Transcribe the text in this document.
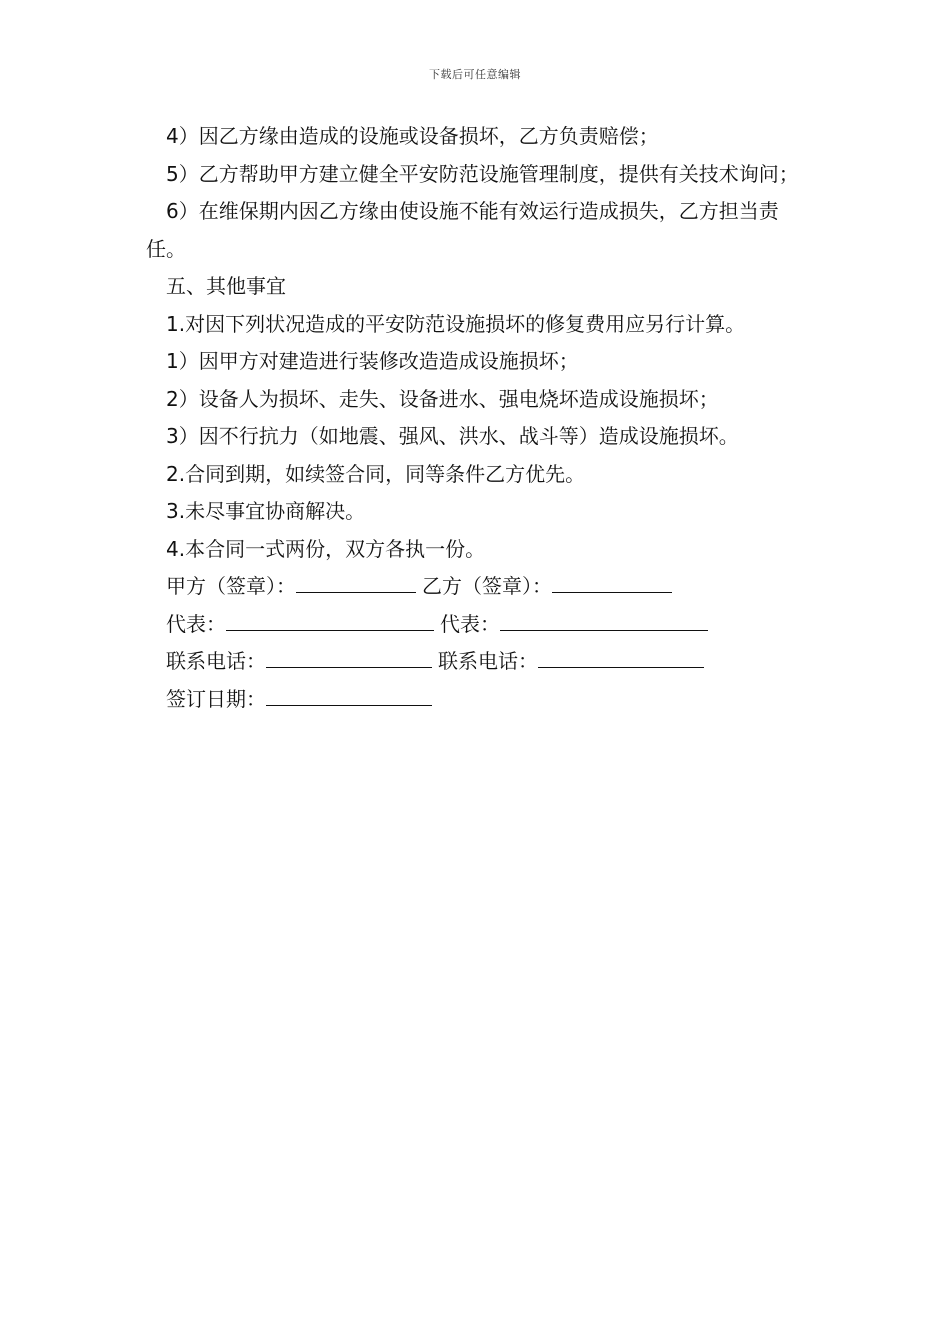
下载后可任意编辑

4）因乙方缘由造成的设施或设备损坏，乙方负责赔偿；

5）乙方帮助甲方建立健全平安防范设施管理制度，提供有关技术询问；

6）在维保期内因乙方缘由使设施不能有效运行造成损失，乙方担当责任。

五、其他事宜

1.对因下列状况造成的平安防范设施损坏的修复费用应另行计算。

1）因甲方对建造进行装修改造造成设施损坏；

2）设备人为损坏、走失、设备进水、强电烧坏造成设施损坏；

3）因不行抗力（如地震、强风、洪水、战斗等）造成设施损坏。

2.合同到期，如续签合同，同等条件乙方优先。

3.未尽事宜协商解决。

4.本合同一式两份，双方各执一份。

甲方（签章）：	乙方（签章）：
代表：	代表：
联系电话：	联系电话：
签订日期：
